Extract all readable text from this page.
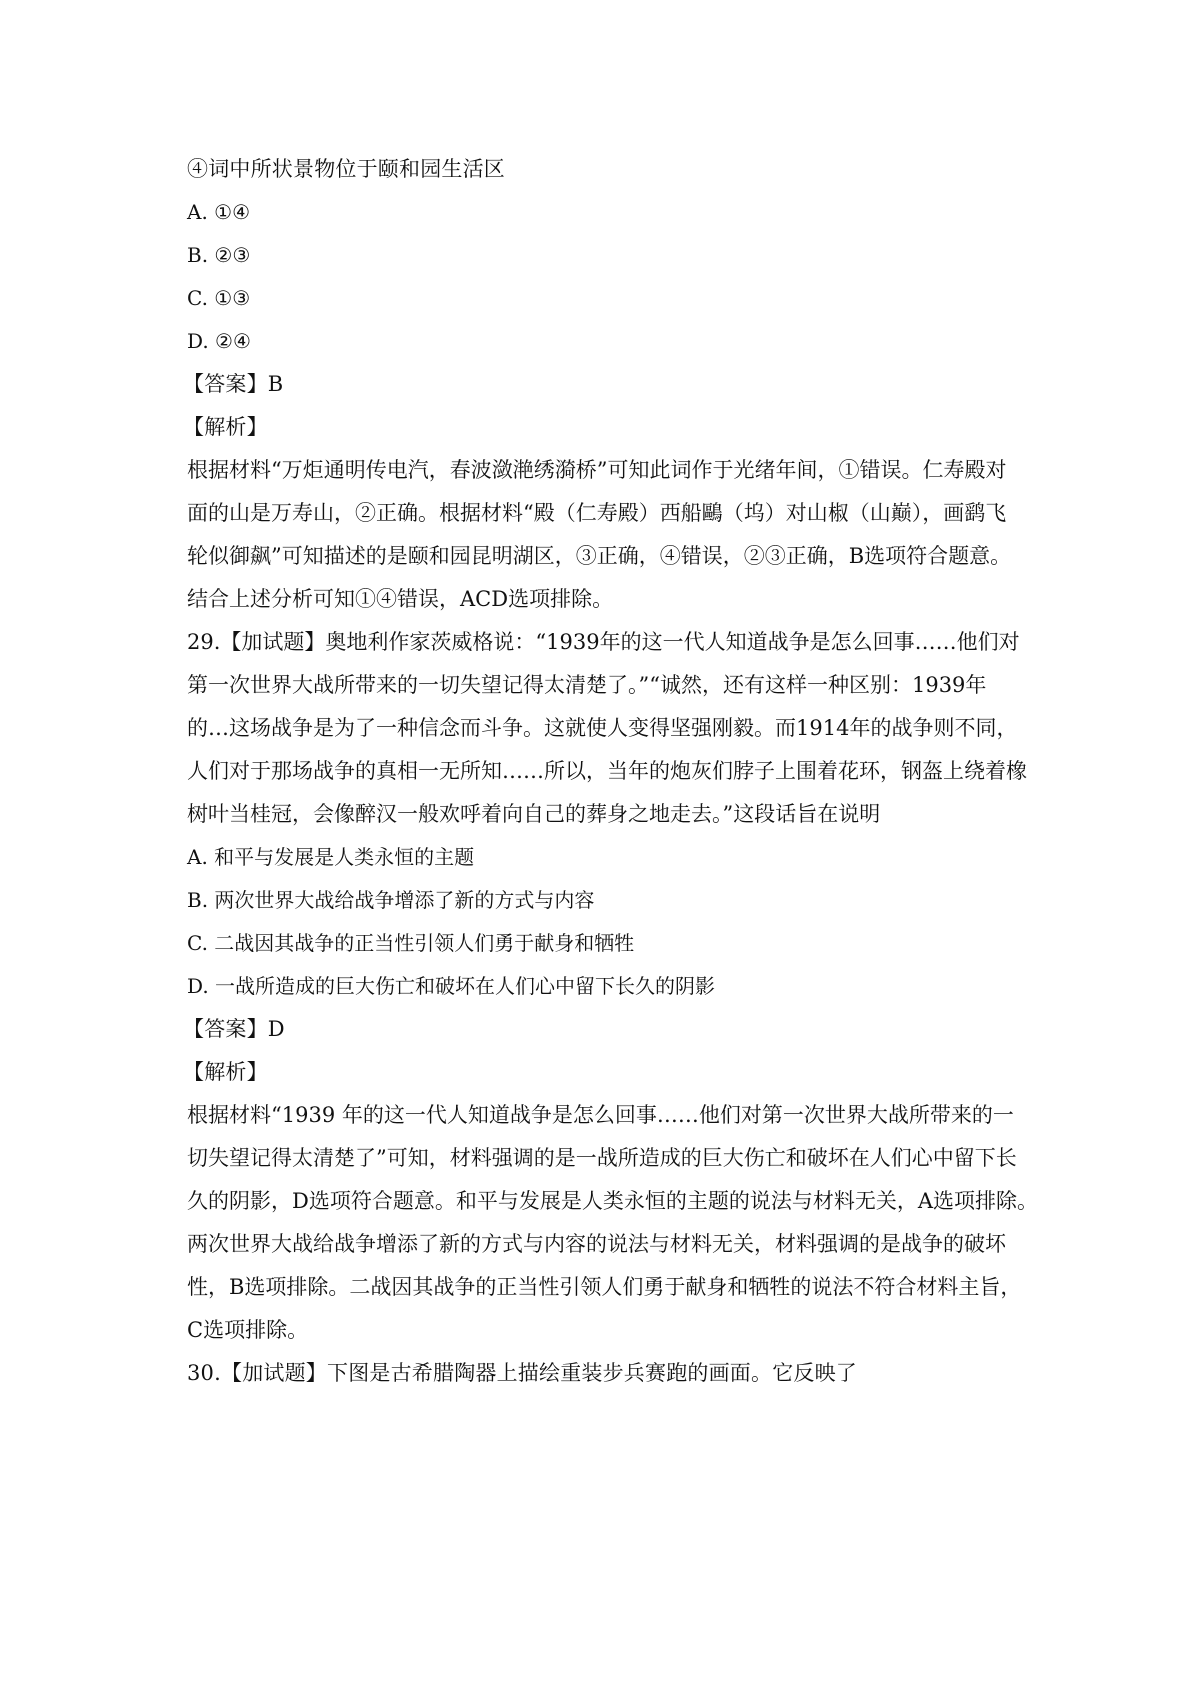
④词中所状景物位于颐和园生活区
A. ①④
B. ②③
C. ①③
D. ②④
【答案】B
【解析】
根据材料“万炬通明传电汽，春波潋滟绣漪桥”可知此词作于光绪年间，①错误。仁寿殿对
面的山是万寿山，②正确。根据材料“殿（仁寿殿）西船鷗（坞）对山椒（山巅），画鹞飞
轮似御飙”可知描述的是颐和园昆明湖区，③正确，④错误，②③正确，B选项符合题意。
结合上述分析可知①④错误，ACD选项排除。
29.【加试题】奥地利作家茨威格说：“1939年的这一代人知道战争是怎么回事……他们对
第一次世界大战所带来的一切失望记得太清楚了。”“诚然，还有这样一种区别：1939年
的…这场战争是为了一种信念而斗争。这就使人变得坚强刚毅。而1914年的战争则不同，
人们对于那场战争的真相一无所知……所以，当年的炮灰们脖子上围着花环，钢盔上绕着橡
树叶当桂冠，会像醉汉一般欢呼着向自己的葬身之地走去。”这段话旨在说明
A. 和平与发展是人类永恒的主题
B. 两次世界大战给战争增添了新的方式与内容
C. 二战因其战争的正当性引领人们勇于献身和牺牲
D. 一战所造成的巨大伤亡和破坏在人们心中留下长久的阴影
【答案】D
【解析】
根据材料“1939 年的这一代人知道战争是怎么回事……他们对第一次世界大战所带来的一
切失望记得太清楚了”可知，材料强调的是一战所造成的巨大伤亡和破坏在人们心中留下长
久的阴影，D选项符合题意。和平与发展是人类永恒的主题的说法与材料无关，A选项排除。
两次世界大战给战争增添了新的方式与内容的说法与材料无关，材料强调的是战争的破坏
性，B选项排除。二战因其战争的正当性引领人们勇于献身和牺牲的说法不符合材料主旨，
C选项排除。
30.【加试题】下图是古希腊陶器上描绘重装步兵赛跑的画面。它反映了
